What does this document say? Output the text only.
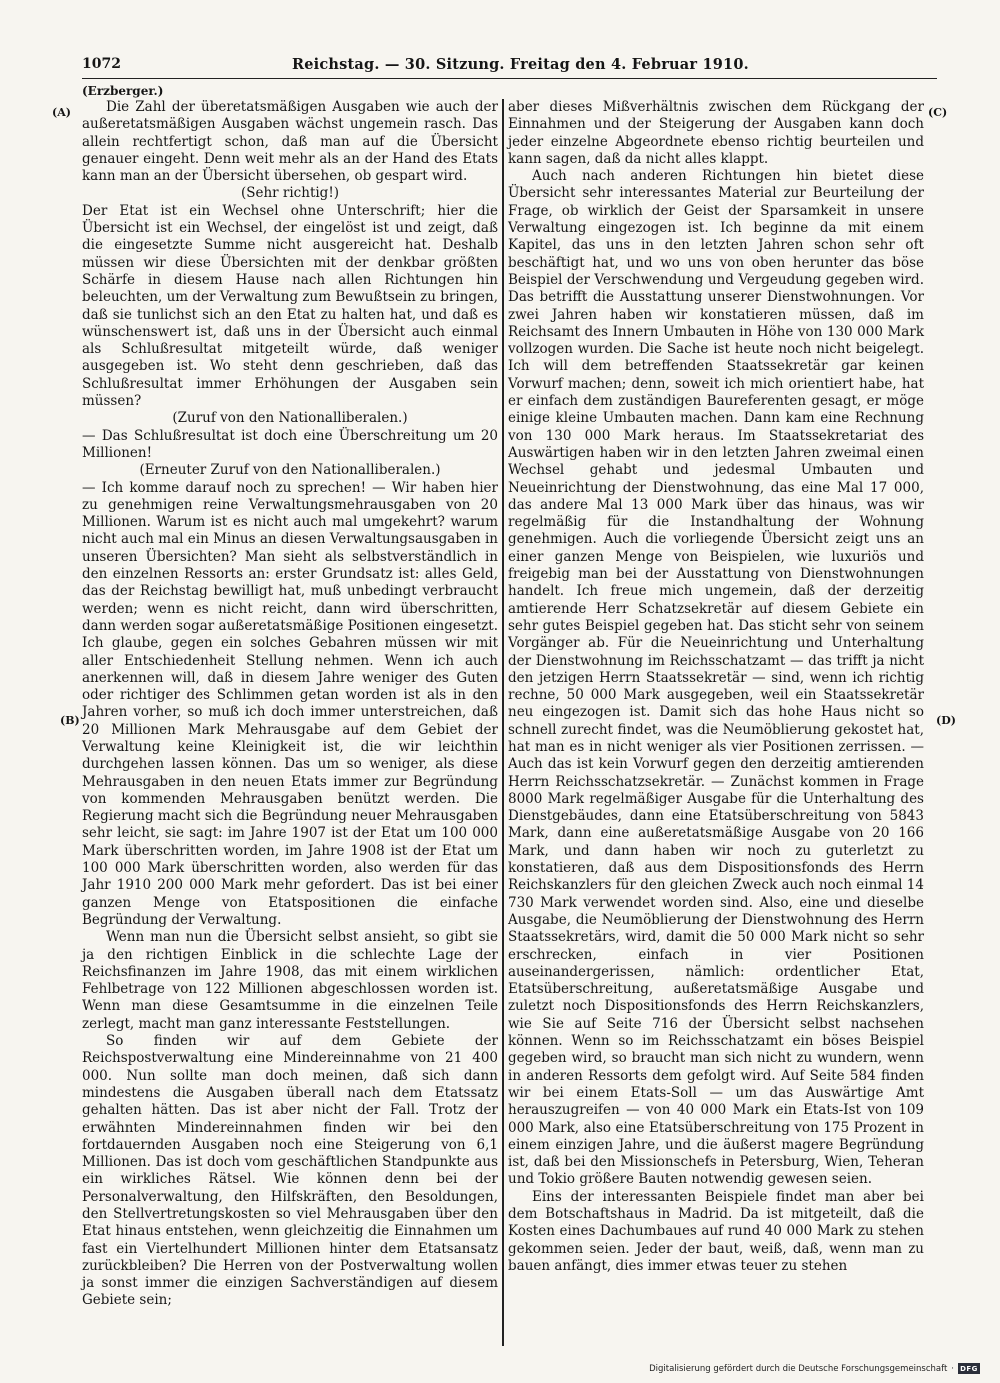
1072	Reichstag. — 30. Sitzung. Freitag den 4. Februar 1910.
(Erzberger.)
(A)
(B)
(C)
(D)

Die Zahl der überetatsmäßigen Ausgaben wie auch der außeretatsmäßigen Ausgaben wächst ungemein rasch. Das allein rechtfertigt schon, daß man auf die Übersicht genauer eingeht. Denn weit mehr als an der Hand des Etats kann man an der Übersicht übersehen, ob gespart wird.

(Sehr richtig!)

Der Etat ist ein Wechsel ohne Unterschrift; hier die Übersicht ist ein Wechsel, der eingelöst ist und zeigt, daß die eingesetzte Summe nicht ausgereicht hat. Deshalb müssen wir diese Übersichten mit der denkbar größten Schärfe in diesem Hause nach allen Richtungen hin beleuchten, um der Verwaltung zum Bewußtsein zu bringen, daß sie tunlichst sich an den Etat zu halten hat, und daß es wünschenswert ist, daß uns in der Übersicht auch einmal als Schlußresultat mitgeteilt würde, daß weniger ausgegeben ist. Wo steht denn geschrieben, daß das Schlußresultat immer Erhöhungen der Ausgaben sein müssen?

(Zuruf von den Nationalliberalen.)

— Das Schlußresultat ist doch eine Überschreitung um 20 Millionen!

(Erneuter Zuruf von den Nationalliberalen.)

— Ich komme darauf noch zu sprechen! — Wir haben hier zu genehmigen reine Verwaltungsmehrausgaben von 20 Millionen. Warum ist es nicht auch mal umgekehrt? warum nicht auch mal ein Minus an diesen Verwaltungsausgaben in unseren Übersichten? Man sieht als selbstverständlich in den einzelnen Ressorts an: erster Grundsatz ist: alles Geld, das der Reichstag bewilligt hat, muß unbedingt verbraucht werden; wenn es nicht reicht, dann wird überschritten, dann werden sogar außeretatsmäßige Positionen eingesetzt. Ich glaube, gegen ein solches Gebahren müssen wir mit aller Entschiedenheit Stellung nehmen. Wenn ich auch anerkennen will, daß in diesem Jahre weniger des Guten oder richtiger des Schlimmen getan worden ist als in den Jahren vorher, so muß ich doch immer unterstreichen, daß 20 Millionen Mark Mehrausgabe auf dem Gebiet der Verwaltung keine Kleinigkeit ist, die wir leichthin durchgehen lassen können. Das um so weniger, als diese Mehrausgaben in den neuen Etats immer zur Begründung von kommenden Mehrausgaben benützt werden. Die Regierung macht sich die Begründung neuer Mehrausgaben sehr leicht, sie sagt: im Jahre 1907 ist der Etat um 100 000 Mark überschritten worden, im Jahre 1908 ist der Etat um 100 000 Mark überschritten worden, also werden für das Jahr 1910 200 000 Mark mehr gefordert. Das ist bei einer ganzen Menge von Etatspositionen die einfache Begründung der Verwaltung.

Wenn man nun die Übersicht selbst ansieht, so gibt sie ja den richtigen Einblick in die schlechte Lage der Reichsfinanzen im Jahre 1908, das mit einem wirklichen Fehlbetrage von 122 Millionen abgeschlossen worden ist. Wenn man diese Gesamtsumme in die einzelnen Teile zerlegt, macht man ganz interessante Feststellungen.

So finden wir auf dem Gebiete der Reichspostverwaltung eine Mindereinnahme von 21 400 000. Nun sollte man doch meinen, daß sich dann mindestens die Ausgaben überall nach dem Etatssatz gehalten hätten. Das ist aber nicht der Fall. Trotz der erwähnten Mindereinnahmen finden wir bei den fortdauernden Ausgaben noch eine Steigerung von 6,1 Millionen. Das ist doch vom geschäftlichen Standpunkte aus ein wirkliches Rätsel. Wie können denn bei der Personalverwaltung, den Hilfskräften, den Besoldungen, den Stellvertretungskosten so viel Mehrausgaben über den Etat hinaus entstehen, wenn gleichzeitig die Einnahmen um fast ein Viertelhundert Millionen hinter dem Etatsansatz zurückbleiben? Die Herren von der Postverwaltung wollen ja sonst immer die einzigen Sachverständigen auf diesem Gebiete sein;

aber dieses Mißverhältnis zwischen dem Rückgang der Einnahmen und der Steigerung der Ausgaben kann doch jeder einzelne Abgeordnete ebenso richtig beurteilen und kann sagen, daß da nicht alles klappt.

Auch nach anderen Richtungen hin bietet diese Übersicht sehr interessantes Material zur Beurteilung der Frage, ob wirklich der Geist der Sparsamkeit in unsere Verwaltung eingezogen ist. Ich beginne da mit einem Kapitel, das uns in den letzten Jahren schon sehr oft beschäftigt hat, und wo uns von oben herunter das böse Beispiel der Verschwendung und Vergeudung gegeben wird. Das betrifft die Ausstattung unserer Dienstwohnungen. Vor zwei Jahren haben wir konstatieren müssen, daß im Reichsamt des Innern Umbauten in Höhe von 130 000 Mark vollzogen wurden. Die Sache ist heute noch nicht beigelegt. Ich will dem betreffenden Staatssekretär gar keinen Vorwurf machen; denn, soweit ich mich orientiert habe, hat er einfach dem zuständigen Baureferenten gesagt, er möge einige kleine Umbauten machen. Dann kam eine Rechnung von 130 000 Mark heraus. Im Staatssekretariat des Auswärtigen haben wir in den letzten Jahren zweimal einen Wechsel gehabt und jedesmal Umbauten und Neueinrichtung der Dienstwohnung, das eine Mal 17 000, das andere Mal 13 000 Mark über das hinaus, was wir regelmäßig für die Instandhaltung der Wohnung genehmigen. Auch die vorliegende Übersicht zeigt uns an einer ganzen Menge von Beispielen, wie luxuriös und freigebig man bei der Ausstattung von Dienstwohnungen handelt. Ich freue mich ungemein, daß der derzeitig amtierende Herr Schatzsekretär auf diesem Gebiete ein sehr gutes Beispiel gegeben hat. Das sticht sehr von seinem Vorgänger ab. Für die Neueinrichtung und Unterhaltung der Dienstwohnung im Reichsschatzamt — das trifft ja nicht den jetzigen Herrn Staatssekretär — sind, wenn ich richtig rechne, 50 000 Mark ausgegeben, weil ein Staatssekretär neu eingezogen ist. Damit sich das hohe Haus nicht so schnell zurecht findet, was die Neumöblierung gekostet hat, hat man es in nicht weniger als vier Positionen zerrissen. — Auch das ist kein Vorwurf gegen den derzeitig amtierenden Herrn Reichsschatzsekretär. — Zunächst kommen in Frage 8000 Mark regelmäßiger Ausgabe für die Unterhaltung des Dienstgebäudes, dann eine Etatsüberschreitung von 5843 Mark, dann eine außeretatsmäßige Ausgabe von 20 166 Mark, und dann haben wir noch zu guterletzt zu konstatieren, daß aus dem Dispositionsfonds des Herrn Reichskanzlers für den gleichen Zweck auch noch einmal 14 730 Mark verwendet worden sind. Also, eine und dieselbe Ausgabe, die Neumöblierung der Dienstwohnung des Herrn Staatssekretärs, wird, damit die 50 000 Mark nicht so sehr erschrecken, einfach in vier Positionen auseinandergerissen, nämlich: ordentlicher Etat, Etatsüberschreitung, außeretatsmäßige Ausgabe und zuletzt noch Dispositionsfonds des Herrn Reichskanzlers, wie Sie auf Seite 716 der Übersicht selbst nachsehen können. Wenn so im Reichsschatzamt ein böses Beispiel gegeben wird, so braucht man sich nicht zu wundern, wenn in anderen Ressorts dem gefolgt wird. Auf Seite 584 finden wir bei einem Etats-Soll — um das Auswärtige Amt herauszugreifen — von 40 000 Mark ein Etats-Ist von 109 000 Mark, also eine Etatsüberschreitung von 175 Prozent in einem einzigen Jahre, und die äußerst magere Begründung ist, daß bei den Missionschefs in Petersburg, Wien, Teheran und Tokio größere Bauten notwendig gewesen seien.

Eins der interessanten Beispiele findet man aber bei dem Botschaftshaus in Madrid. Da ist mitgeteilt, daß die Kosten eines Dachumbaues auf rund 40 000 Mark zu stehen gekommen seien. Jeder der baut, weiß, daß, wenn man zu bauen anfängt, dies immer etwas teuer zu stehen

Digitalisierung gefördert durch die Deutsche Forschungsgemeinschaft · DFG
